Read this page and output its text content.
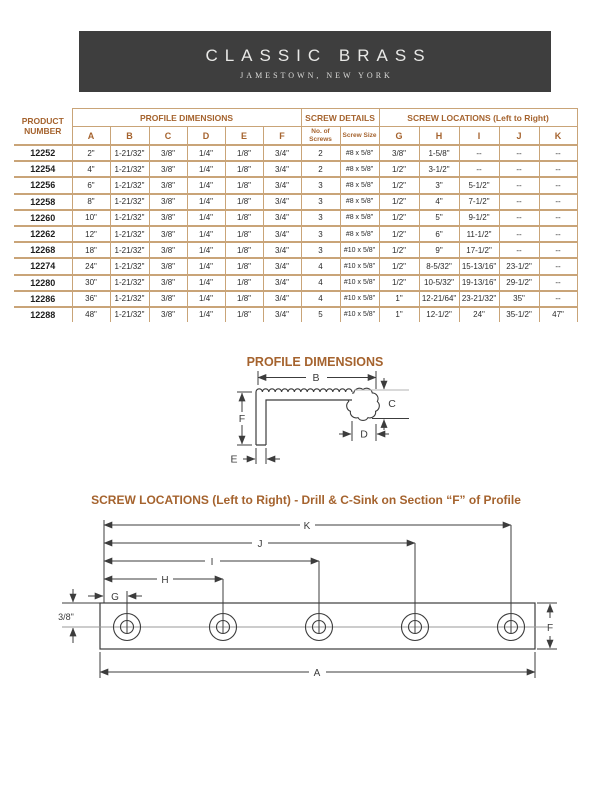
CLASSIC BRASS
JAMESTOWN, NEW YORK
PRODUCT NUMBER	PROFILE DIMENSIONS						SCREW DETAILS		SCREW LOCATIONS (Left to Right)				
	A	B	C	D	E	F	No. of Screws	Screw Size	G	H	I	J	K
12252	2"	1-21/32"	3/8"	1/4"	1/8"	3/4"	2	#8 x 5/8"	3/8"	1-5/8"	--	--	--
12254	4"	1-21/32"	3/8"	1/4"	1/8"	3/4"	2	#8 x 5/8"	1/2"	3-1/2"	--	--	--
12256	6"	1-21/32"	3/8"	1/4"	1/8"	3/4"	3	#8 x 5/8"	1/2"	3"	5-1/2"	--	--
12258	8"	1-21/32"	3/8"	1/4"	1/8"	3/4"	3	#8 x 5/8"	1/2"	4"	7-1/2"	--	--
12260	10"	1-21/32"	3/8"	1/4"	1/8"	3/4"	3	#8 x 5/8"	1/2"	5"	9-1/2"	--	--
12262	12"	1-21/32"	3/8"	1/4"	1/8"	3/4"	3	#8 x 5/8"	1/2"	6"	11-1/2"	--	--
12268	18"	1-21/32"	3/8"	1/4"	1/8"	3/4"	3	#10 x 5/8"	1/2"	9"	17-1/2"	--	--
12274	24"	1-21/32"	3/8"	1/4"	1/8"	3/4"	4	#10 x 5/8"	1/2"	8-5/32"	15-13/16"	23-1/2"	--
12280	30"	1-21/32"	3/8"	1/4"	1/8"	3/4"	4	#10 x 5/8"	1/2"	10-5/32"	19-13/16"	29-1/2"	--
12286	36"	1-21/32"	3/8"	1/4"	1/8"	3/4"	4	#10 x 5/8"	1"	12-21/64"	23-21/32"	35"	--
12288	48"	1-21/32"	3/8"	1/4"	1/8"	3/4"	5	#10 x 5/8"	1"	12-1/2"	24"	35-1/2"	47"
PROFILE DIMENSIONS
B
C
D
F
E
SCREW LOCATIONS (Left to Right) - Drill & C-Sink on Section “F” of Profile
K
J
I
H
G
3/8"
F
A
